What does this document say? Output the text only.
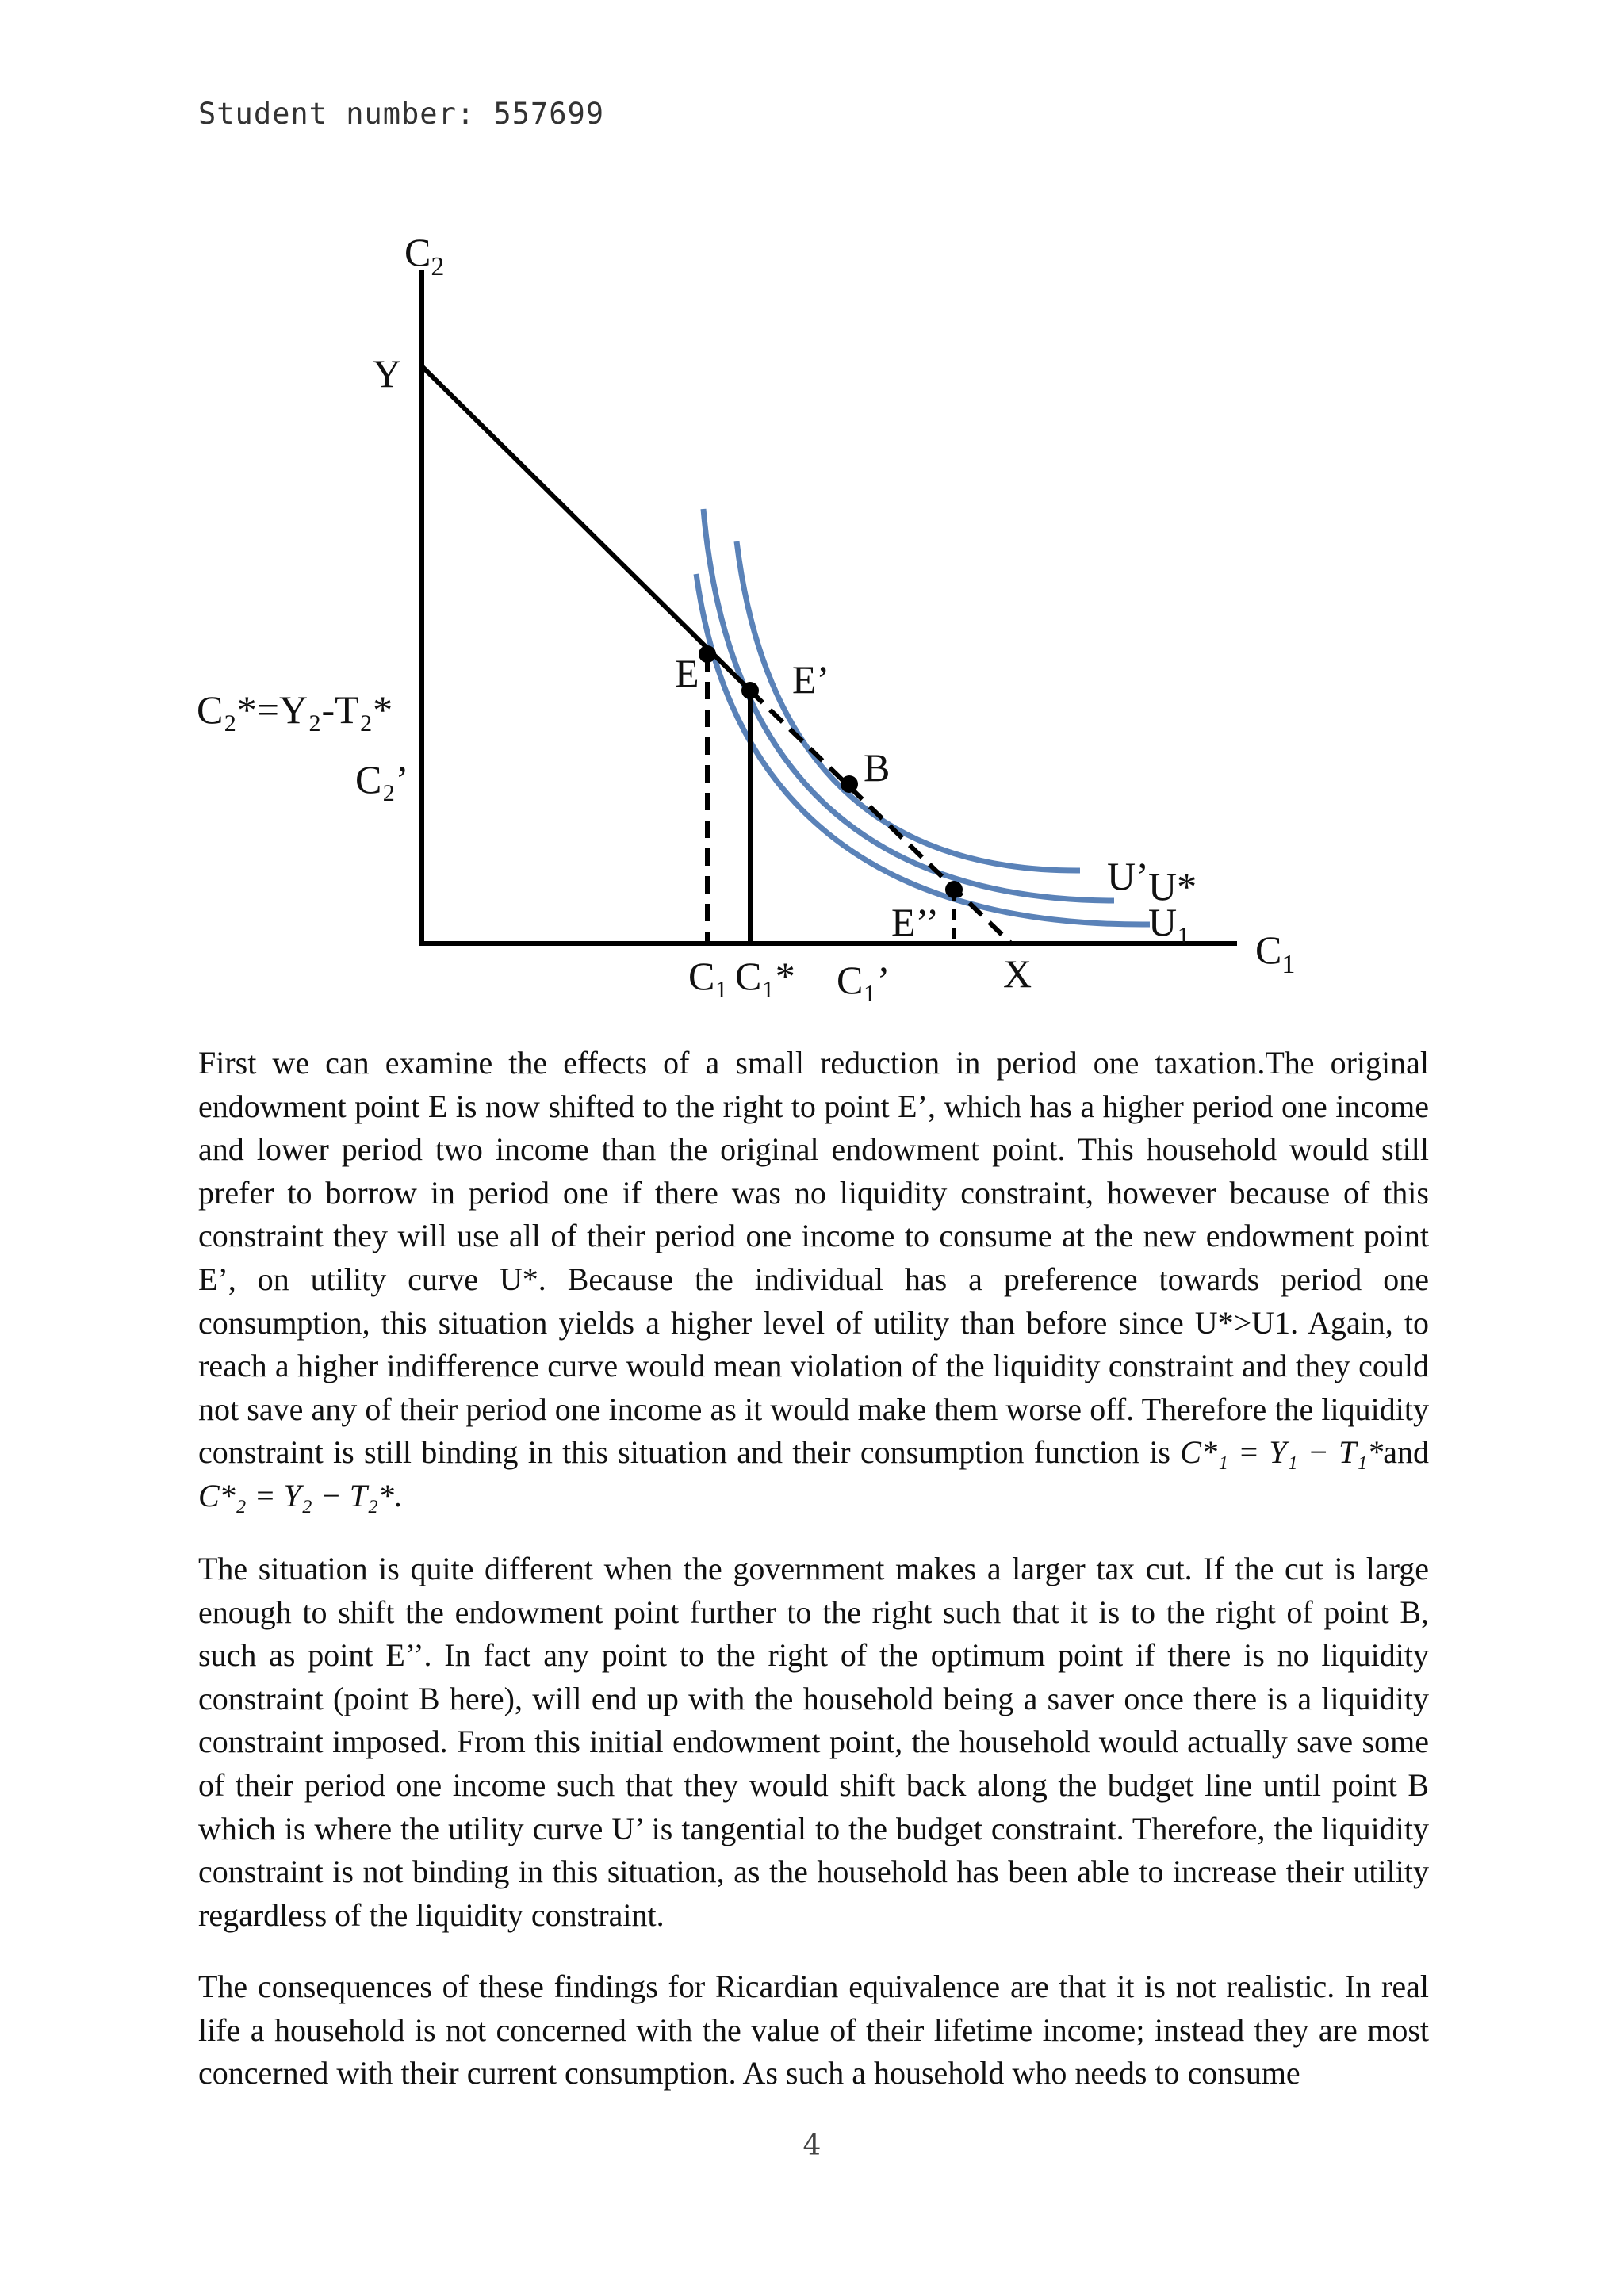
Student number: 557699
$C_2$
$C_1$
Y
X
C₂*=Y₂-T₂*
C₂’
E E’
B
E’’
U’ U*
U₁
C₁ C₁* C₁’

First we can examine the effects of a small reduction in period one taxation.The original endowment point E is now shifted to the right to point E’, which has a higher period one income and lower period two income than the original endowment point. This household would still prefer to borrow in period one if there was no liquidity constraint, however because of this constraint they will use all of their period one income to consume at the new endowment point E’, on utility curve U*. Because the individual has a preference towards period one consumption, this situation yields a higher level of utility than before since U*>U1. Again, to reach a higher indifference curve would mean violation of the liquidity constraint and they could not save any of their period one income as it would make them worse off. Therefore the liquidity constraint is still binding in this situation and their consumption function is C*₁ = Y₁ − T₁*and C*₂ = Y₂ − T₂*.

The situation is quite different when the government makes a larger tax cut. If the cut is large enough to shift the endowment point further to the right such that it is to the right of point B, such as point E’’. In fact any point to the right of the optimum point if there is no liquidity constraint (point B here), will end up with the household being a saver once there is a liquidity constraint imposed. From this initial endowment point, the household would actually save some of their period one income such that they would shift back along the budget line until point B which is where the utility curve U’ is tangential to the budget constraint. Therefore, the liquidity constraint is not binding in this situation, as the household has been able to increase their utility regardless of the liquidity constraint.

The consequences of these findings for Ricardian equivalence are that it is not realistic. In real life a household is not concerned with the value of their lifetime income; instead they are most concerned with their current consumption. As such a household who needs to consume

4
